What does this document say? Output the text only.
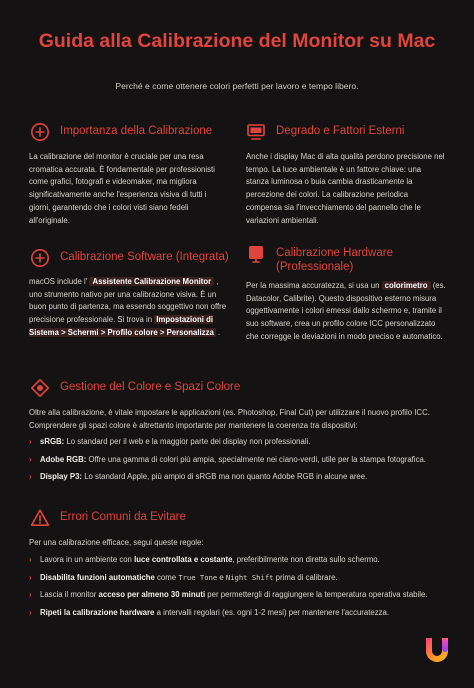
Guida alla Calibrazione del Monitor su Mac

Perché e come ottenere colori perfetti per lavoro e tempo libero.

Importanza della Calibrazione

La calibrazione del monitor è cruciale per una resa cromatica accurata. È fondamentale per professionisti come grafici, fotografi e videomaker, ma migliora significativamente anche l'esperienza visiva di tutti i giorni, garantendo che i colori visti siano fedeli all'originale.

Degrado e Fattori Esterni

Anche i display Mac di alta qualità perdono precisione nel tempo. La luce ambientale è un fattore chiave: una stanza luminosa o buia cambia drasticamente la percezione dei colori. La calibrazione periodica compensa sia l'invecchiamento del pannello che le variazioni ambientali.

Calibrazione Software (Integrata)

macOS include l' Assistente Calibrazione Monitor , uno strumento nativo per una calibrazione visiva. È un buon punto di partenza, ma essendo soggettivo non offre precisione professionale. Si trova in Impostazioni di Sistema > Schermi > Profilo colore > Personalizza .

Calibrazione Hardware (Professionale)

Per la massima accuratezza, si usa un colorimetro (es. Datacolor, Calibrite). Questo dispositivo esterno misura oggettivamente i colori emessi dallo schermo e, tramite il suo software, crea un profilo colore ICC personalizzato che corregge le deviazioni in modo preciso e automatico.

Gestione del Colore e Spazi Colore

Oltre alla calibrazione, è vitale impostare le applicazioni (es. Photoshop, Final Cut) per utilizzare il nuovo profilo ICC. Comprendere gli spazi colore è altrettanto importante per mantenere la coerenza tra dispositivi:

›	sRGB: Lo standard per il web e la maggior parte dei display non professionali.
›	Adobe RGB: Offre una gamma di colori più ampia, specialmente nei ciano-verdi, utile per la stampa fotografica.
›	Display P3: Lo standard Apple, più ampio di sRGB ma non quanto Adobe RGB in alcune aree.
Errori Comuni da Evitare

Per una calibrazione efficace, segui queste regole:

›	Lavora in un ambiente con luce controllata e costante, preferibilmente non diretta sullo schermo.
›	Disabilita funzioni automatiche come True Tone e Night Shift prima di calibrare.
›	Lascia il monitor acceso per almeno 30 minuti per permettergli di raggiungere la temperatura operativa stabile.
›	Ripeti la calibrazione hardware a intervalli regolari (es. ogni 1-2 mesi) per mantenere l'accuratezza.
